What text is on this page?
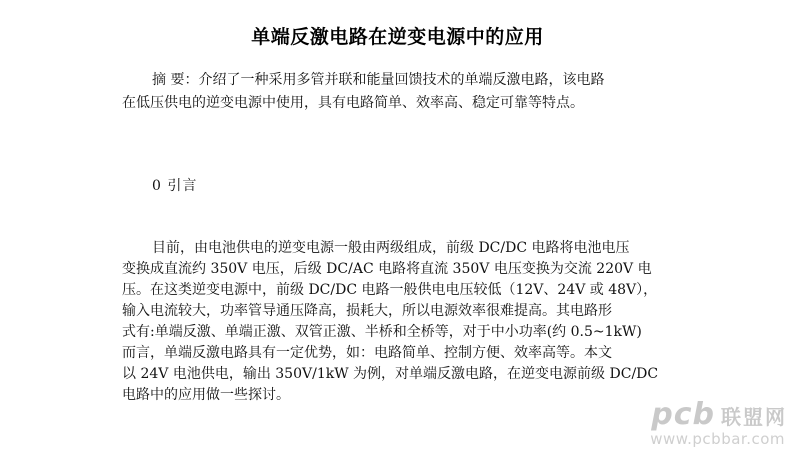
单端反激电路在逆变电源中的应用
摘 要：介绍了一种采用多管并联和能量回馈技术的单端反激电路，该电路
在低压供电的逆变电源中使用，具有电路简单、效率高、稳定可靠等特点。
0 引言
目前，由电池供电的逆变电源一般由两级组成，前级 DC/DC 电路将电池电压
变换成直流约 350V 电压，后级 DC/AC 电路将直流 350V 电压变换为交流 220V 电
压。在这类逆变电源中，前级 DC/DC 电路一般供电电压较低（12V、24V 或 48V），
输入电流较大，功率管导通压降高，损耗大，所以电源效率很难提高。其电路形
式有:单端反激、单端正激、双管正激、半桥和全桥等，对于中小功率(约 0.5~1kW)
而言，单端反激电路具有一定优势，如：电路简单、控制方便、效率高等。本文
以 24V 电池供电，输出 350V/1kW 为例，对单端反激电路，在逆变电源前级 DC/DC
电路中的应用做一些探讨。
pcb 联盟网
www.pcbbar.com
